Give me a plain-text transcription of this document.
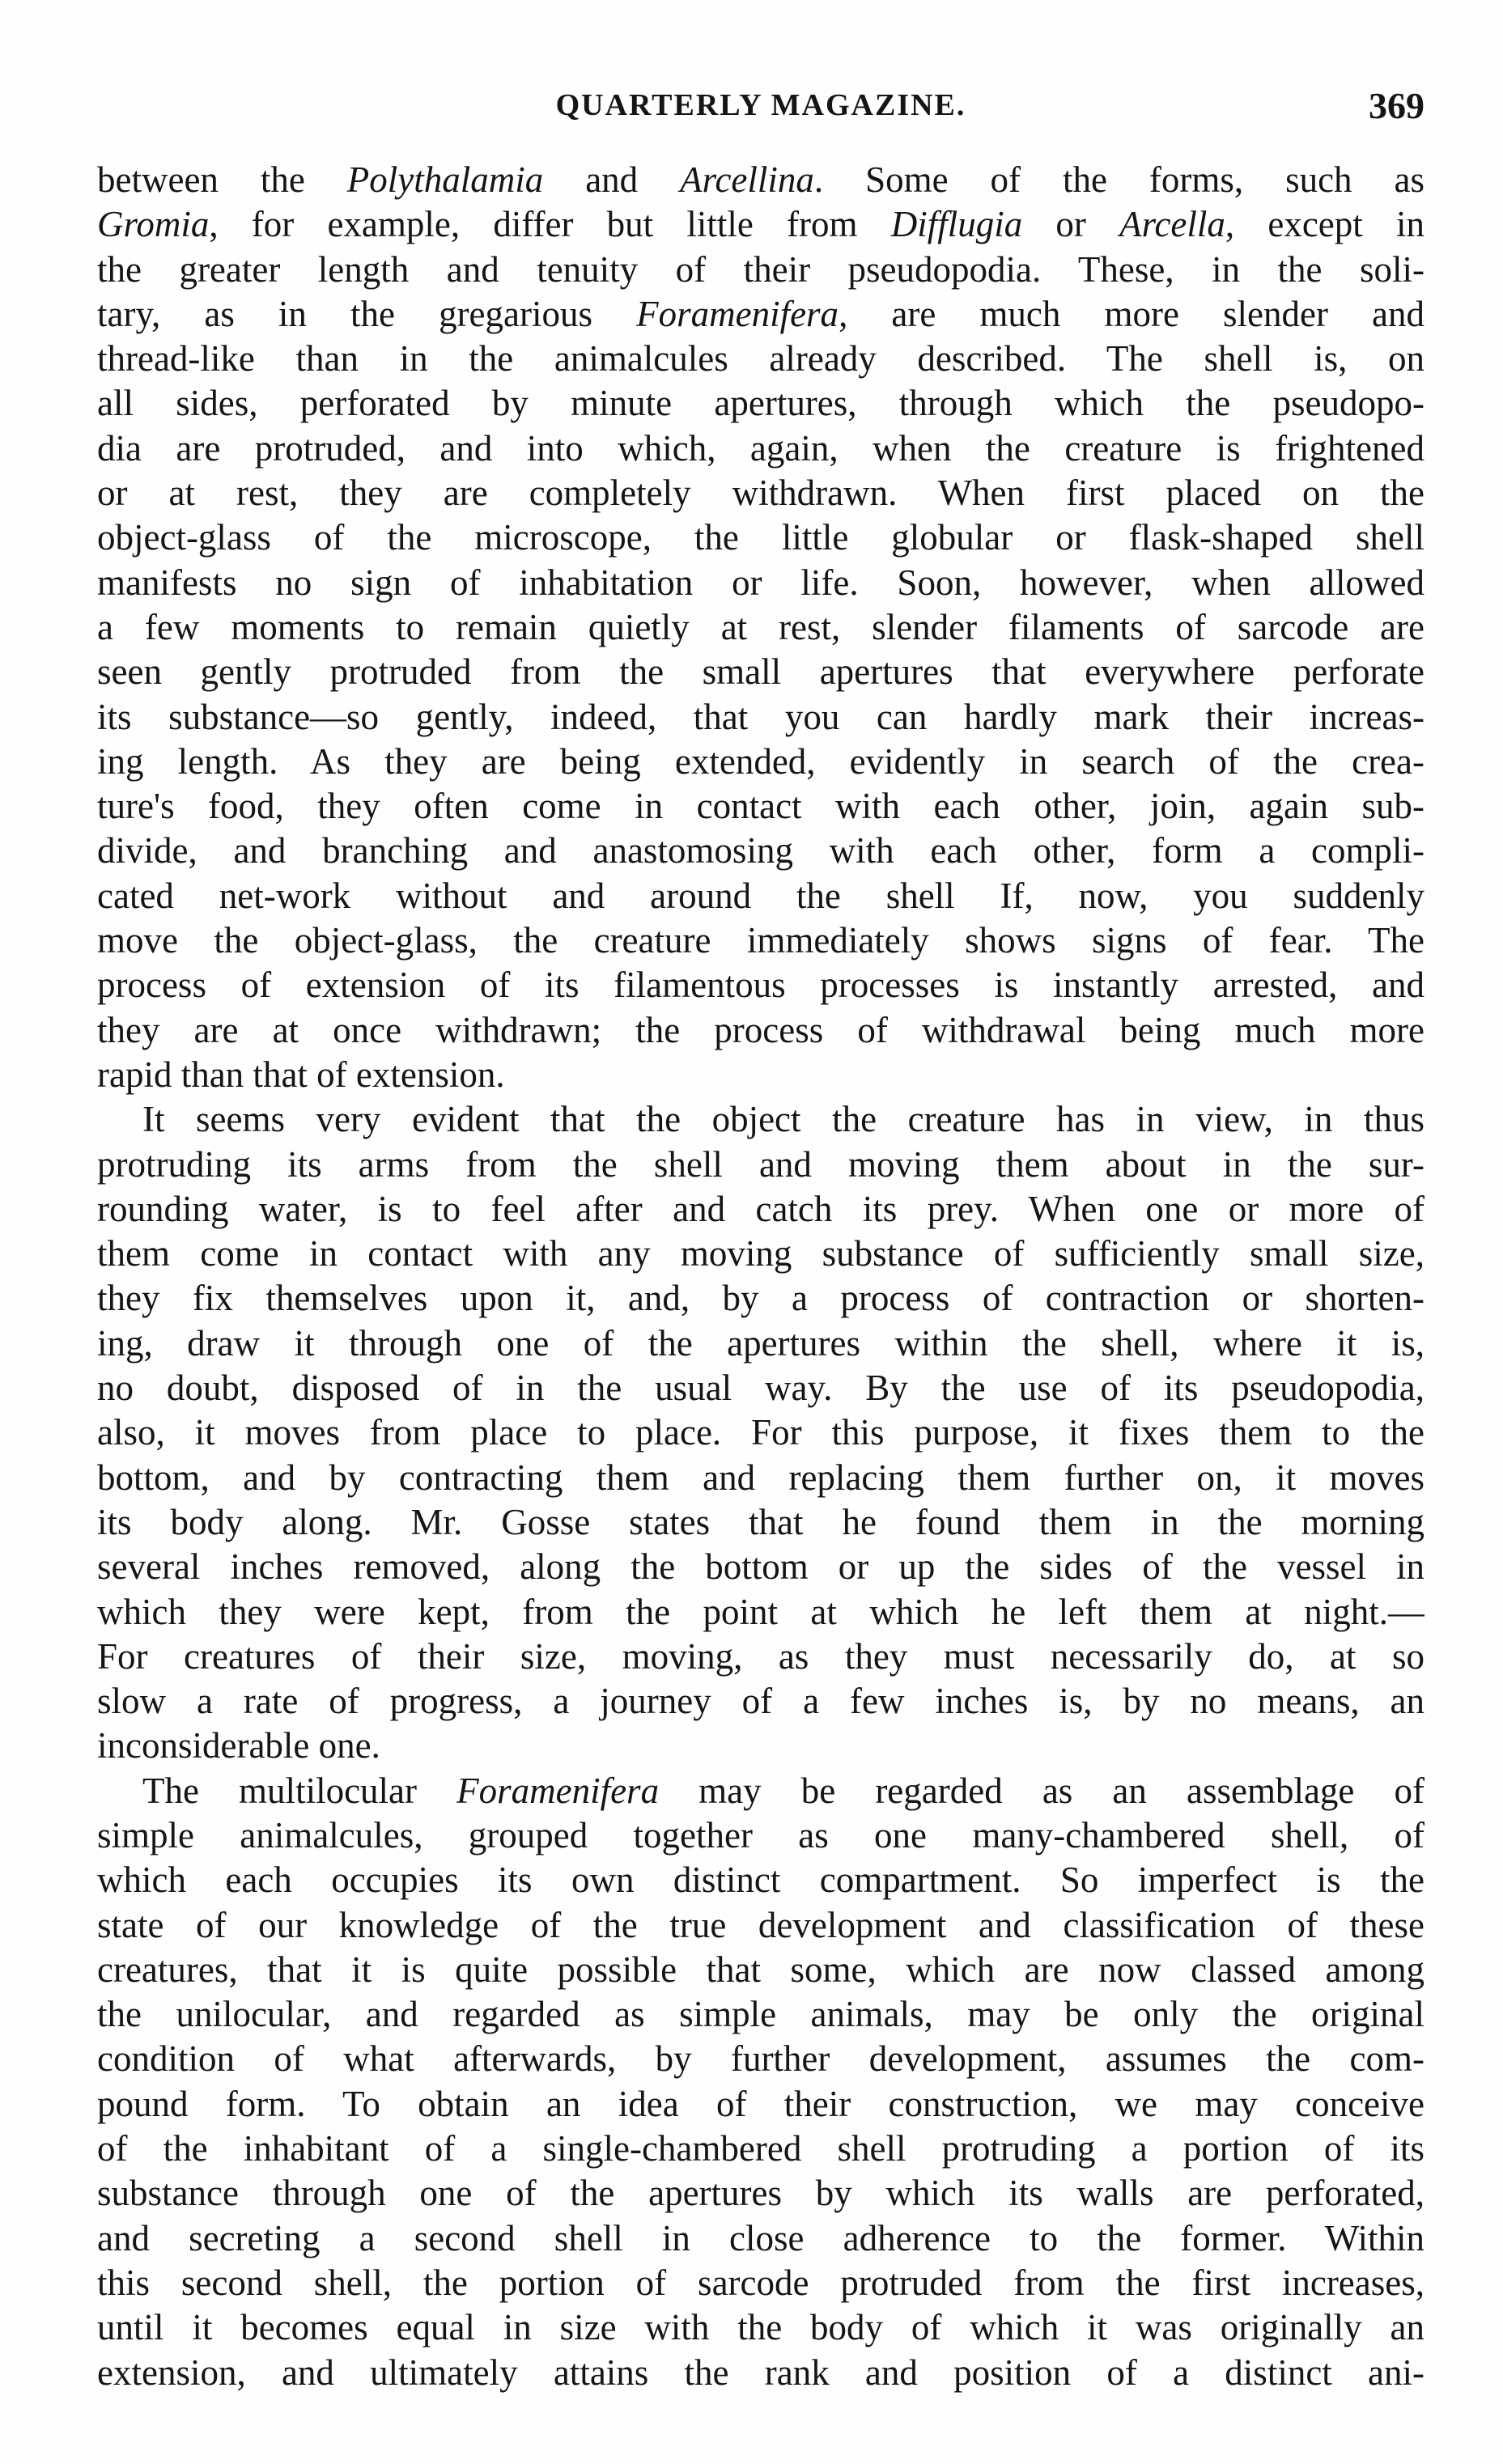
QUARTERLY MAGAZINE.	369
between the Polythalamia and Arcellina. Some of the forms, such as
Gromia, for example, differ but little from Difflugia or Arcella, except in
the greater length and tenuity of their pseudopodia. These, in the soli-
tary, as in the gregarious Foramenifera, are much more slender and
thread-like than in the animalcules already described. The shell is, on
all sides, perforated by minute apertures, through which the pseudopo-
dia are protruded, and into which, again, when the creature is frightened
or at rest, they are completely withdrawn. When first placed on the
object-glass of the microscope, the little globular or flask-shaped shell
manifests no sign of inhabitation or life. Soon, however, when allowed
a few moments to remain quietly at rest, slender filaments of sarcode are
seen gently protruded from the small apertures that everywhere perforate
its substance—so gently, indeed, that you can hardly mark their increas-
ing length. As they are being extended, evidently in search of the crea-
ture's food, they often come in contact with each other, join, again sub-
divide, and branching and anastomosing with each other, form a compli-
cated net-work without and around the shell If, now, you suddenly
move the object-glass, the creature immediately shows signs of fear. The
process of extension of its filamentous processes is instantly arrested, and
they are at once withdrawn; the process of withdrawal being much more
rapid than that of extension.
It seems very evident that the object the creature has in view, in thus
protruding its arms from the shell and moving them about in the sur-
rounding water, is to feel after and catch its prey. When one or more of
them come in contact with any moving substance of sufficiently small size,
they fix themselves upon it, and, by a process of contraction or shorten-
ing, draw it through one of the apertures within the shell, where it is,
no doubt, disposed of in the usual way. By the use of its pseudopodia,
also, it moves from place to place. For this purpose, it fixes them to the
bottom, and by contracting them and replacing them further on, it moves
its body along. Mr. Gosse states that he found them in the morning
several inches removed, along the bottom or up the sides of the vessel in
which they were kept, from the point at which he left them at night.—
For creatures of their size, moving, as they must necessarily do, at so
slow a rate of progress, a journey of a few inches is, by no means, an
inconsiderable one.
The multilocular Foramenifera may be regarded as an assemblage of
simple animalcules, grouped together as one many-chambered shell, of
which each occupies its own distinct compartment. So imperfect is the
state of our knowledge of the true development and classification of these
creatures, that it is quite possible that some, which are now classed among
the unilocular, and regarded as simple animals, may be only the original
condition of what afterwards, by further development, assumes the com-
pound form. To obtain an idea of their construction, we may conceive
of the inhabitant of a single-chambered shell protruding a portion of its
substance through one of the apertures by which its walls are perforated,
and secreting a second shell in close adherence to the former. Within
this second shell, the portion of sarcode protruded from the first increases,
until it becomes equal in size with the body of which it was originally an
extension, and ultimately attains the rank and position of a distinct ani-
